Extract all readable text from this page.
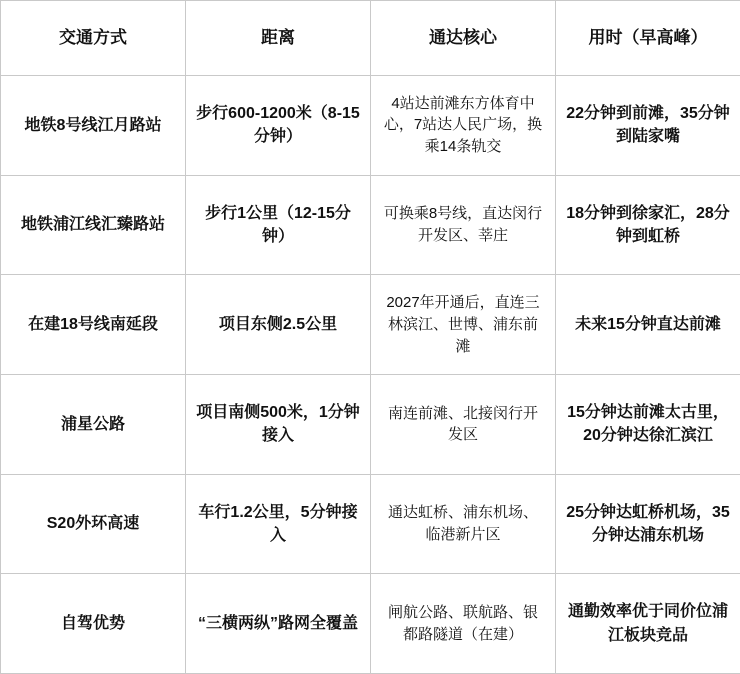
交通方式	距离	通达核心	用时（早高峰）
地铁8号线江月路站	步行600-1200米（8-15分钟）	4站达前滩东方体育中心，7站达人民广场，换乘14条轨交	22分钟到前滩，35分钟到陆家嘴
地铁浦江线汇臻路站	步行1公里（12-15分钟）	可换乘8号线，直达闵行开发区、莘庄	18分钟到徐家汇，28分钟到虹桥
在建18号线南延段	项目东侧2.5公里	2027年开通后，直连三林滨江、世博、浦东前滩	未来15分钟直达前滩
浦星公路	项目南侧500米，1分钟接入	南连前滩、北接闵行开发区	15分钟达前滩太古里，20分钟达徐汇滨江
S20外环高速	车行1.2公里，5分钟接入	通达虹桥、浦东机场、临港新片区	25分钟达虹桥机场，35分钟达浦东机场
自驾优势	“三横两纵”路网全覆盖	闸航公路、联航路、银都路隧道（在建）	通勤效率优于同价位浦江板块竞品
